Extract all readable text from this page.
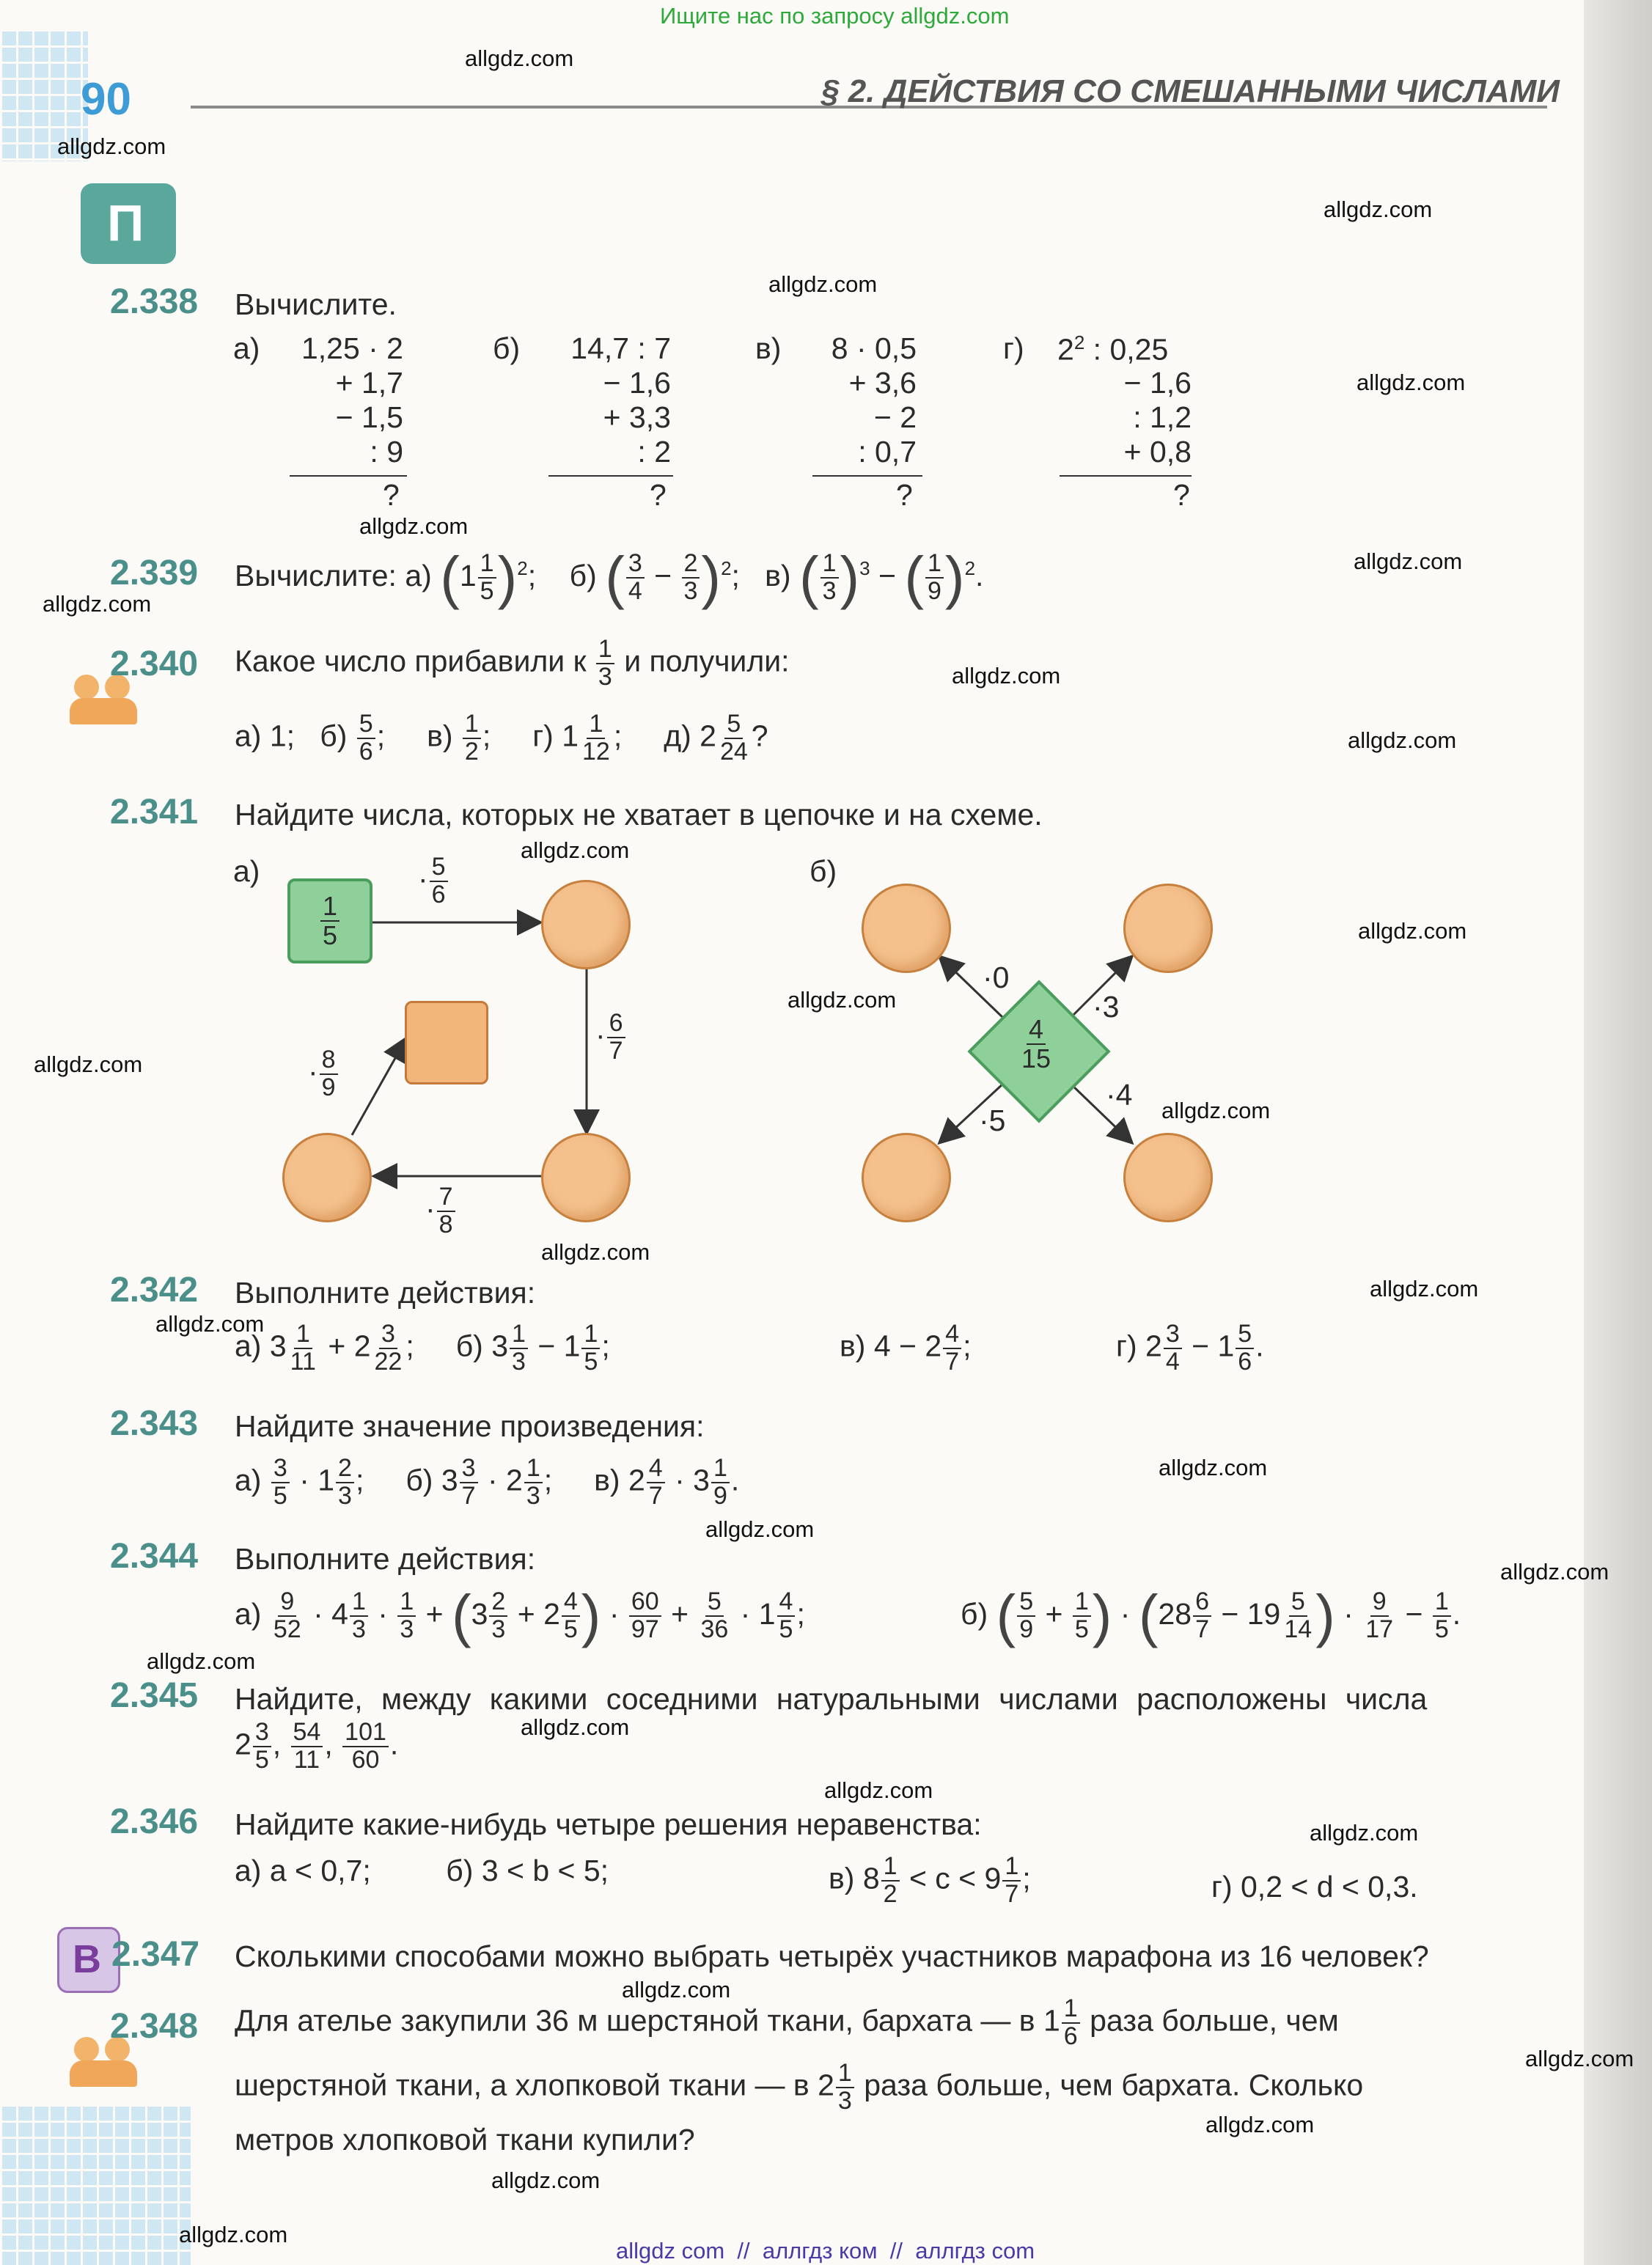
Ищите нас по запросу allgdz.com
90	§ 2. ДЕЙСТВИЯ СО СМЕШАННЫМИ ЧИСЛАМИ
П
2.338 Вычислите.
а)	1,25 · 2
+ 1,7
− 1,5
: 9
?
б)	14,7 : 7
− 1,6
+ 3,3
: 2
?
в)	8 · 0,5
+ 3,6
− 2
: 0,7
?
г) $2^2$ : 0,25
− 1,6
: 1,2
+ 0,8
?
2.339 Вычислите: а) $(1 \frac{1}{5} )^2$;    б) ( $\frac{3}{4} - \frac{2}{3} )^2$;   в) ( $\frac{1}{3} )^3$ − ( $\frac{1}{9} )^2$.
2.340 Какое число прибавили к $\frac{1}{3}$ и получили:
а) 1; $б) \frac{5}{6}$ ;     $в) \frac{1}{2}$ ;     г) $1 \frac{1}{12}$ ;     д) $2 \frac{5}{24}$ ?
2.341 Найдите числа, которых не хватает в цепочке и на схеме.
а)	б)
$\frac{1}{5}$
· $\frac{5}{6}$
· $\frac{6}{7}$
· $\frac{7}{8}$
· $\frac{8}{9}$
$\frac{4}{15}$
·0
·3
·5
·4
2.342 Выполните действия:
а) $3 \frac{1}{11} + 2 \frac{3}{22}$ ;     б) $3 \frac{1}{3} - 1 \frac{1}{5}$ ;	в) $4 - 2 \frac{4}{7}$ ;	г) $2 \frac{3}{4} - 1 \frac{5}{6}$ .
2.343 Найдите значение произведения:
$а) \frac{3}{5} \cdot 1 \frac{2}{3}$ ;     б) $3 \frac{3}{7} \cdot 2 \frac{1}{3}$ ;     в) $2 \frac{4}{7} \cdot 3 \frac{1}{9}$ .
2.344 Выполните действия:
$а) \frac{9}{52} \cdot 4 \frac{1}{3} \cdot \frac{1}{3} + (3 \frac{2}{3} + 2 \frac{4}{5}$ ) · $\frac{60}{97} + \frac{5}{36} \cdot 1 \frac{4}{5}$ ;	б) ( $\frac{5}{9} + \frac{1}{5}$ ) · ($28 \frac{6}{7} - 19 \frac{5}{14}$ ) · $\frac{9}{17} - \frac{1}{5}$ .
2.345 Найдите, между какими соседними натуральными числами расположены числа
$2 \frac{3}{5}$ , $\frac{54}{11}$ , $\frac{101}{60}$ .
2.346 Найдите какие-нибудь четыре решения неравенства:
а) a < 0,7;	б) 3 < b < 5;	в) $8 \frac{1}{2} < c < 9 \frac{1}{7}$ ;	г) 0,2 < d < 0,3.
B 2.347 Сколькими способами можно выбрать четырёх участников марафона из 16 человек?
2.348 Для ателье закупили 36 м шерстяной ткани, бархата — в $1 \frac{1}{6}$ раза больше, чем
шерстяной ткани, а хлопковой ткани — в $2 \frac{1}{3}$ раза больше, чем бархата. Сколько
метров хлопковой ткани купили?
allgdz.com
allgdz.com
allgdz.com
allgdz.com
allgdz.com
allgdz.com
allgdz.com
allgdz.com
allgdz.com
allgdz.com
allgdz.com
allgdz.com
allgdz.com
allgdz.com
allgdz.com
allgdz.com
allgdz.com
allgdz.com
allgdz.com
allgdz.com
allgdz.com
allgdz.com
allgdz.com
allgdz.com
allgdz.com
allgdz.com
allgdz.com
allgdz.com
allgdz.com
allgdz.com
allgdz com  //  аллгдз ком  //  аллгдз com
